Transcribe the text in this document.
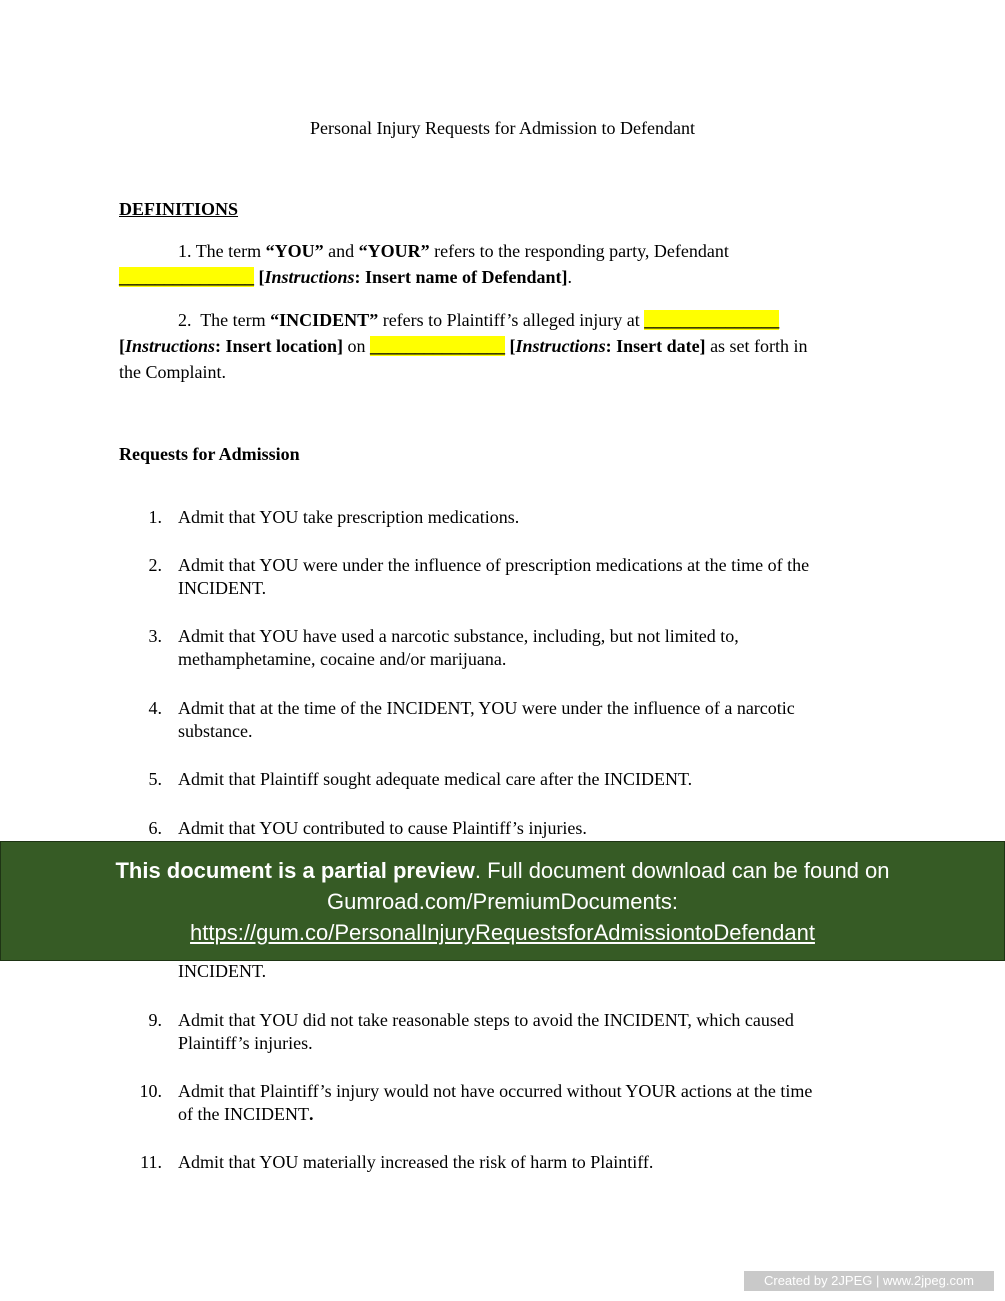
Personal Injury Requests for Admission to Defendant
DEFINITIONS
1. The term “YOU” and “YOUR” refers to the responding party, Defendant
_______________ [Instructions: Insert name of Defendant].
2. The term “INCIDENT” refers to Plaintiff’s alleged injury at _______________
[Instructions: Insert location] on _______________ [Instructions: Insert date] as set forth in
the Complaint.
Requests for Admission
1. Admit that YOU take prescription medications.
2. Admit that YOU were under the influence of prescription medications at the time of the
INCIDENT.
3. Admit that YOU have used a narcotic substance, including, but not limited to,
methamphetamine, cocaine and/or marijuana.
4. Admit that at the time of the INCIDENT, YOU were under the influence of a narcotic
substance.
5. Admit that Plaintiff sought adequate medical care after the INCIDENT.
6. Admit that YOU contributed to cause Plaintiff’s injuries.
INCIDENT.
9. Admit that YOU did not take reasonable steps to avoid the INCIDENT, which caused
Plaintiff’s injuries.
10. Admit that Plaintiff’s injury would not have occurred without YOUR actions at the time
of the INCIDENT.
11. Admit that YOU materially increased the risk of harm to Plaintiff.
This document is a partial preview. Full document download can be found on
Gumroad.com/PremiumDocuments:
https://gum.co/PersonalInjuryRequestsforAdmissiontoDefendant
Created by 2JPEG | www.2jpeg.com
